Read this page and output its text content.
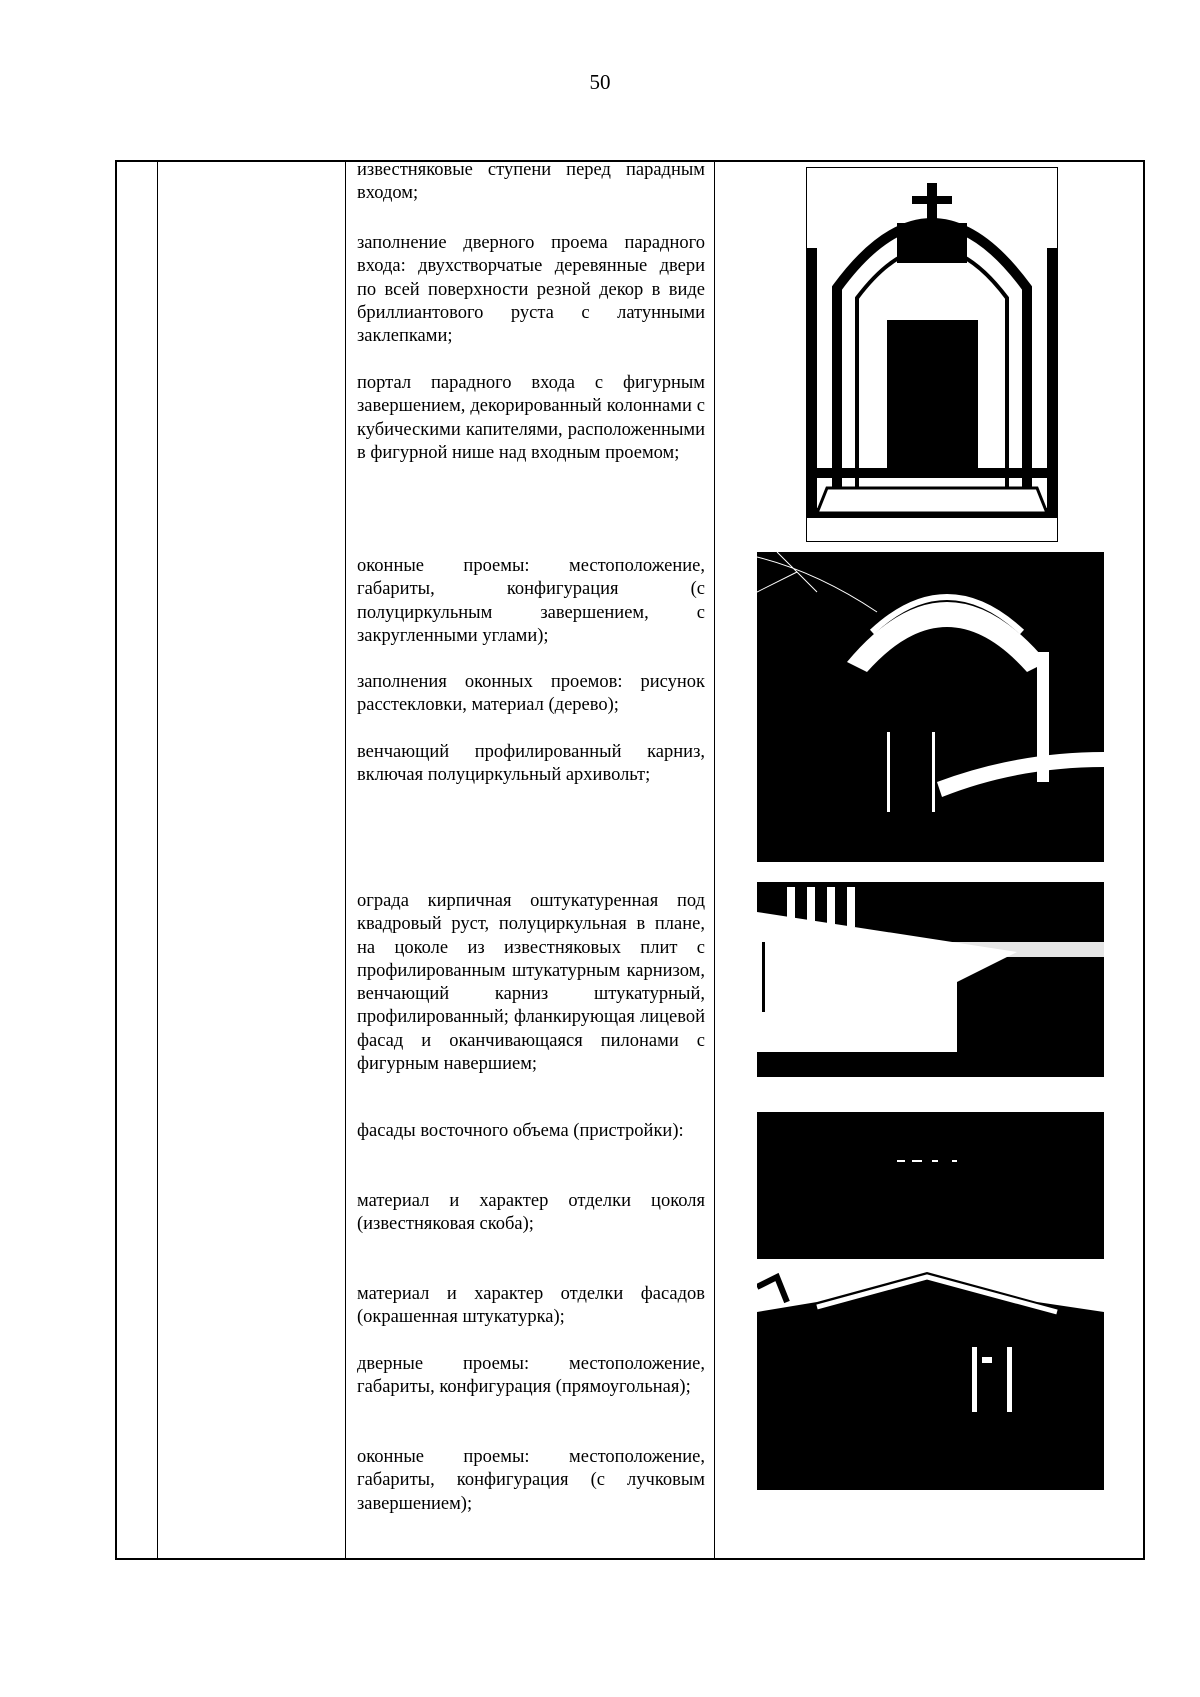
50
известняковые ступени перед парадным входом;
заполнение дверного проема парадного входа: двухстворчатые деревянные двери по всей поверхности резной декор в виде бриллиантового руста с латунными заклепками;
портал парадного входа с фигурным завершением, декорированный колоннами с кубическими капителями, расположенными в фигурной нише над входным проемом;
оконные проемы: местоположение, габариты, конфигурация (с полуциркульным завершением, с закругленными углами);
заполнения оконных проемов: рисунок расстекловки, материал (дерево);
венчающий профилированный карниз, включая полуциркульный архивольт;
ограда кирпичная оштукатуренная под квадровый руст, полуциркульная в плане, на цоколе из известняковых плит с профилированным штукатурным карнизом, венчающий карниз штукатурный, профилированный; фланкирующая лицевой фасад и оканчивающаяся пилонами с фигурным навершием;
фасады восточного объема (пристройки):
материал и характер отделки цоколя (известняковая скоба);
материал и характер отделки фасадов (окрашенная штукатурка);
дверные проемы: местоположение, габариты, конфигурация (прямоугольная);
оконные проемы: местоположение, габариты, конфигурация (с лучковым завершением);
